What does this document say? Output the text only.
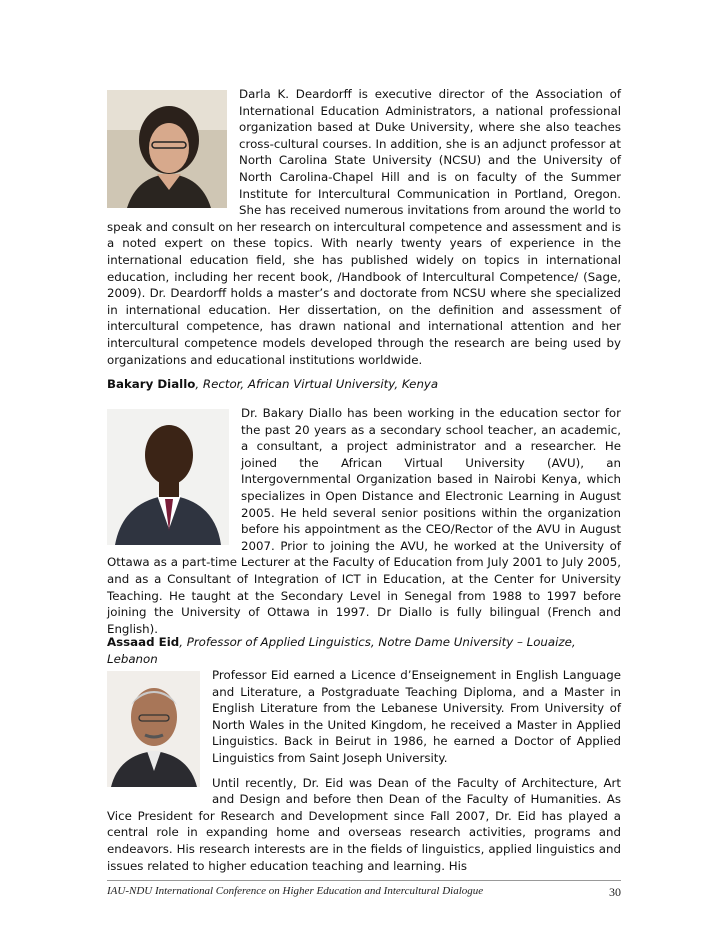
Darla K. Deardorff is executive director of the Association of International Education Administrators, a national professional organization based at Duke University, where she also teaches cross-cultural courses. In addition, she is an adjunct professor at North Carolina State University (NCSU) and the University of North Carolina-Chapel Hill and is on faculty of the Summer Institute for Intercultural Communication in Portland, Oregon. She has received numerous invitations from around the world to speak and consult on her research on intercultural competence and assessment and is a noted expert on these topics. With nearly twenty years of experience in the international education field, she has published widely on topics in international education, including her recent book, /Handbook of Intercultural Competence/ (Sage, 2009). Dr. Deardorff holds a master’s and doctorate from NCSU where she specialized in international education. Her dissertation, on the definition and assessment of intercultural competence, has drawn national and international attention and her intercultural competence models developed through the research are being used by organizations and educational institutions worldwide.

Bakary Diallo, Rector, African Virtual University, Kenya

Dr. Bakary Diallo has been working in the education sector for the past 20 years as a secondary school teacher, an academic, a consultant, a project administrator and a researcher. He joined the African Virtual University (AVU), an Intergovernmental Organization based in Nairobi Kenya, which specializes in Open Distance and Electronic Learning in August 2005. He held several senior positions within the organization before his appointment as the CEO/Rector of the AVU in August 2007. Prior to joining the AVU, he worked at the University of Ottawa as a part-time Lecturer at the Faculty of Education from July 2001 to July 2005, and as a Consultant of Integration of ICT in Education, at the Center for University Teaching. He taught at the Secondary Level in Senegal from 1988 to 1997 before joining the University of Ottawa in 1997. Dr Diallo is fully bilingual (French and English).

Assaad Eid, Professor of Applied Linguistics, Notre Dame University – Louaize, Lebanon

Professor Eid earned a Licence d’Enseignement in English Language and Literature, a Postgraduate Teaching Diploma, and a Master in English Literature from the Lebanese University. From University of North Wales in the United Kingdom, he received a Master in Applied Linguistics. Back in Beirut in 1986, he earned a Doctor of Applied Linguistics from Saint Joseph University.
Until recently, Dr. Eid was Dean of the Faculty of Architecture, Art and Design and before then Dean of the Faculty of Humanities. As Vice President for Research and Development since Fall 2007, Dr. Eid has played a central role in expanding home and overseas research activities, programs and endeavors. His research interests are in the fields of linguistics, applied linguistics and issues related to higher education teaching and learning. His

IAU-NDU International Conference on Higher Education and Intercultural Dialogue	30
